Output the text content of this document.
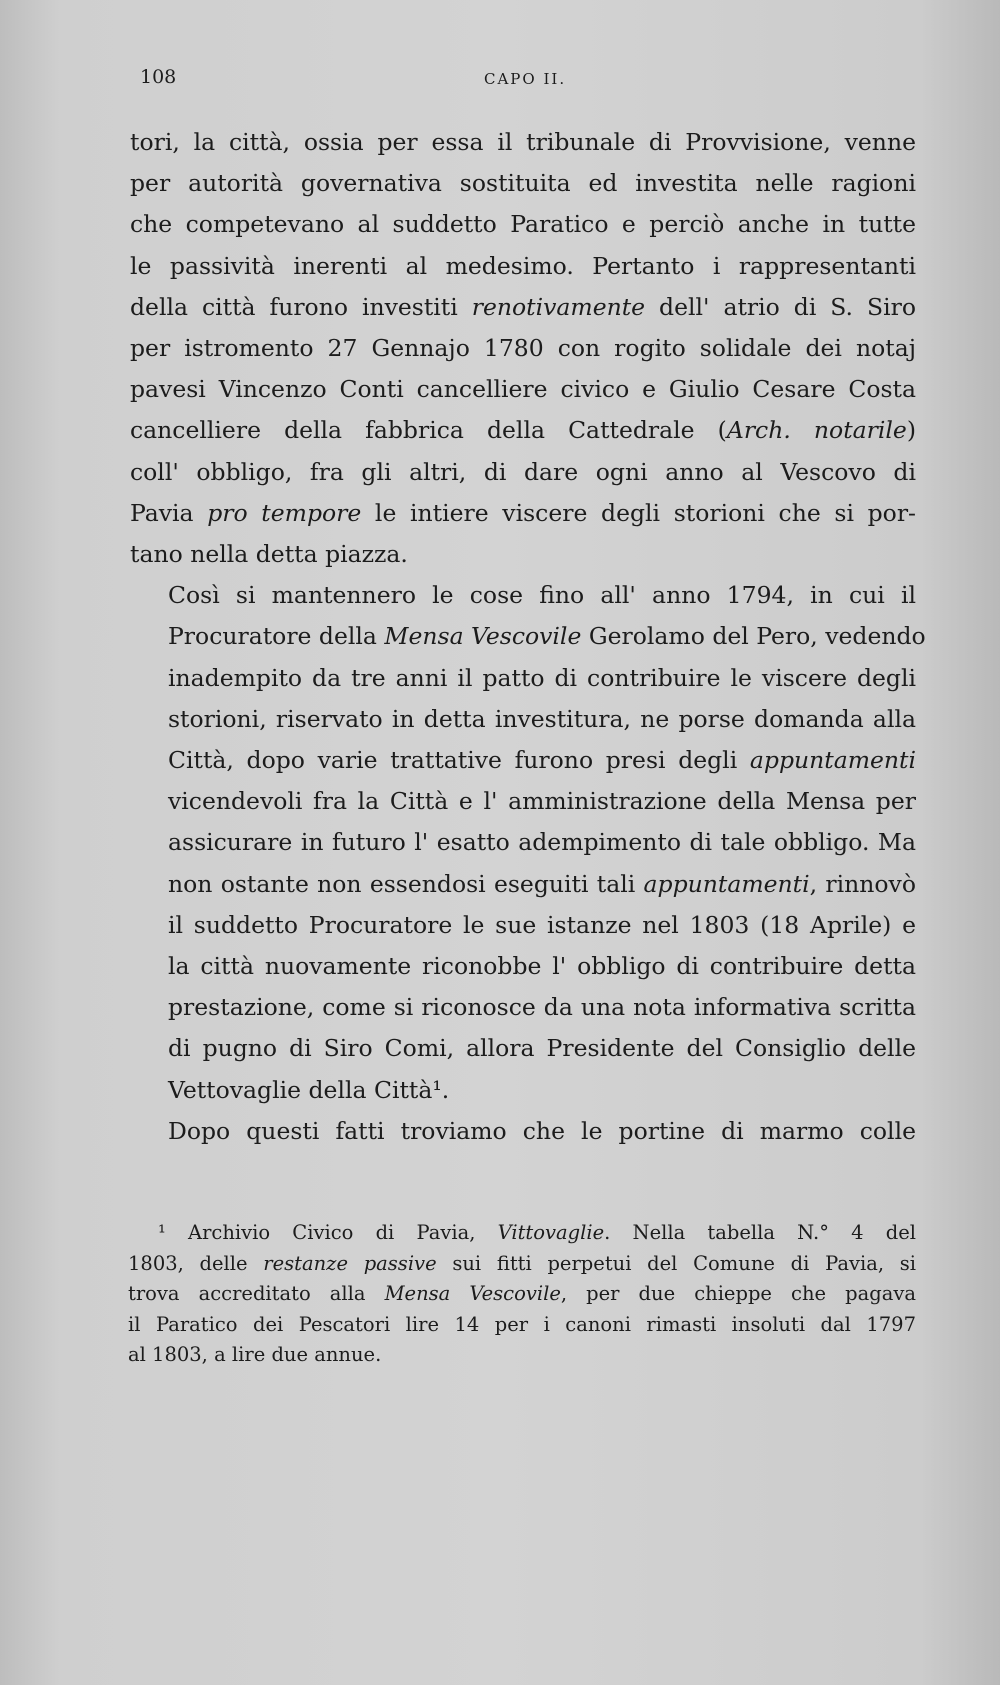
108	CAPO II.

tori, la città, ossia per essa il tribunale di Provvisione, venne
per autorità governativa sostituita ed investita nelle ragioni
che competevano al suddetto Paratico e perciò anche in tutte
le passività inerenti al medesimo. Pertanto i rappresentanti
della città furono investiti renotivamente dell' atrio di S. Siro
per istromento 27 Gennajo 1780 con rogito solidale dei notaj
pavesi Vincenzo Conti cancelliere civico e Giulio Cesare Costa
cancelliere della fabbrica della Cattedrale (Arch. notarile)
coll' obbligo, fra gli altri, di dare ogni anno al Vescovo di
Pavia pro tempore le intiere viscere degli storioni che si por-
tano nella detta piazza.

Così si mantennero le cose fino all' anno 1794, in cui il
Procuratore della Mensa Vescovile Gerolamo del Pero, vedendo
inadempito da tre anni il patto di contribuire le viscere degli
storioni, riservato in detta investitura, ne porse domanda alla
Città, dopo varie trattative furono presi degli appuntamenti
vicendevoli fra la Città e l' amministrazione della Mensa per
assicurare in futuro l' esatto adempimento di tale obbligo. Ma
non ostante non essendosi eseguiti tali appuntamenti, rinnovò
il suddetto Procuratore le sue istanze nel 1803 (18 Aprile) e
la città nuovamente riconobbe l' obbligo di contribuire detta
prestazione, come si riconosce da una nota informativa scritta
di pugno di Siro Comi, allora Presidente del Consiglio delle
Vettovaglie della Città¹.

Dopo questi fatti troviamo che le portine di marmo colle

¹ Archivio Civico di Pavia, Vittovaglie. Nella tabella N.° 4 del
1803, delle restanze passive sui fitti perpetui del Comune di Pavia, si
trova accreditato alla Mensa Vescovile, per due chieppe che pagava
il Paratico dei Pescatori lire 14 per i canoni rimasti insoluti dal 1797
al 1803, a lire due annue.
